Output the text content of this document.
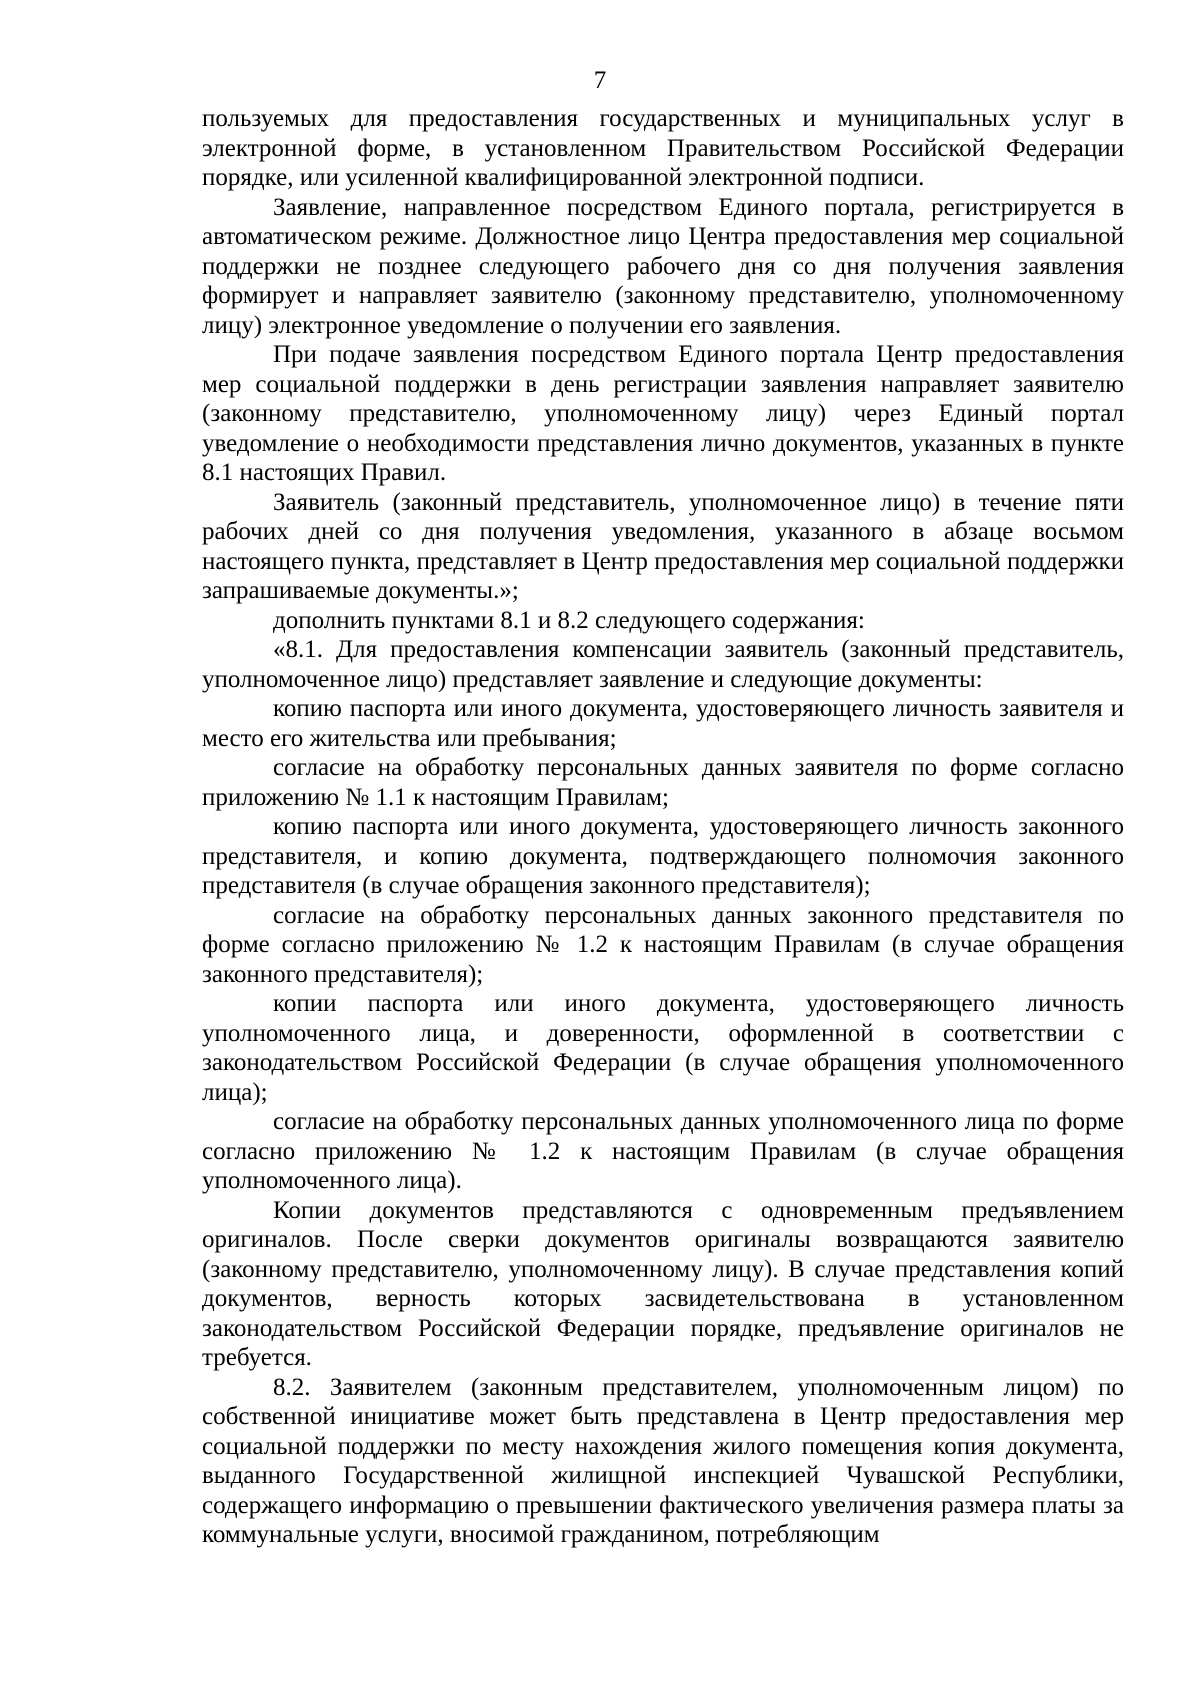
7

пользуемых для предоставления государственных и муниципальных услуг в электронной форме, в установленном Правительством Российской Федерации порядке, или усиленной квалифицированной электронной подписи.

Заявление, направленное посредством Единого портала, регистрируется в автоматическом режиме. Должностное лицо Центра предоставления мер социальной поддержки не позднее следующего рабочего дня со дня получения заявления формирует и направляет заявителю (законному представителю, уполномоченному лицу) электронное уведомление о получении его заявления.

При подаче заявления посредством Единого портала Центр предоставления мер социальной поддержки в день регистрации заявления направляет заявителю (законному представителю, уполномоченному лицу) через Единый портал уведомление о необходимости представления лично документов, указанных в пункте 8.1 настоящих Правил.

Заявитель (законный представитель, уполномоченное лицо) в течение пяти рабочих дней со дня получения уведомления, указанного в абзаце восьмом настоящего пункта, представляет в Центр предоставления мер социальной поддержки запрашиваемые документы.»;

дополнить пунктами 8.1 и 8.2 следующего содержания:

«8.1. Для предоставления компенсации заявитель (законный представитель, уполномоченное лицо) представляет заявление и следующие документы:

копию паспорта или иного документа, удостоверяющего личность заявителя и место его жительства или пребывания;

согласие на обработку персональных данных заявителя по форме согласно приложению № 1.1 к настоящим Правилам;

копию паспорта или иного документа, удостоверяющего личность законного представителя, и копию документа, подтверждающего полномочия законного представителя (в случае обращения законного представителя);

согласие на обработку персональных данных законного представителя по форме согласно приложению № 1.2 к настоящим Правилам (в случае обращения законного представителя);

копии паспорта или иного документа, удостоверяющего личность уполномоченного лица, и доверенности, оформленной в соответствии с законодательством Российской Федерации (в случае обращения уполномоченного лица);

согласие на обработку персональных данных уполномоченного лица по форме согласно приложению № 1.2 к настоящим Правилам (в случае обращения уполномоченного лица).

Копии документов представляются с одновременным предъявлением оригиналов. После сверки документов оригиналы возвращаются заявителю (законному представителю, уполномоченному лицу). В случае представления копий документов, верность которых засвидетельствована в установленном законодательством Российской Федерации порядке, предъявление оригиналов не требуется.

8.2. Заявителем (законным представителем, уполномоченным лицом) по собственной инициативе может быть представлена в Центр предоставления мер социальной поддержки по месту нахождения жилого помещения копия документа, выданного Государственной жилищной инспекцией Чувашской Республики, содержащего информацию о превышении фактического увеличения размера платы за коммунальные услуги, вносимой гражданином, потребляющим
